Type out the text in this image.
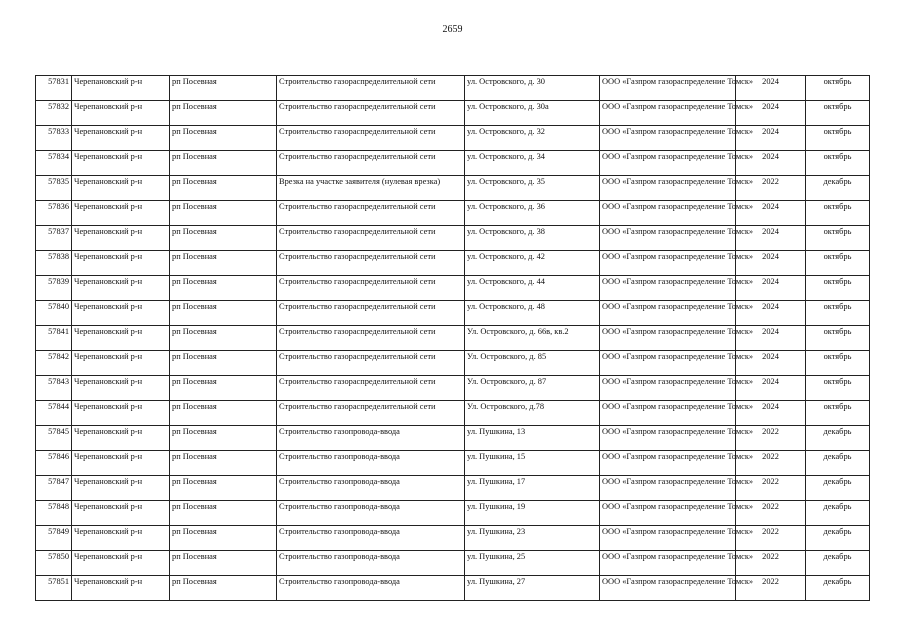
2659
57831	Черепановский р-н	рп Посевная	Строительство газораспределительной сети	ул. Островского, д. 30	ООО «Газпром газораспределение Томск»	2024	октябрь
57832	Черепановский р-н	рп Посевная	Строительство газораспределительной сети	ул. Островского, д. 30а	ООО «Газпром газораспределение Томск»	2024	октябрь
57833	Черепановский р-н	рп Посевная	Строительство газораспределительной сети	ул. Островского, д. 32	ООО «Газпром газораспределение Томск»	2024	октябрь
57834	Черепановский р-н	рп Посевная	Строительство газораспределительной сети	ул. Островского, д. 34	ООО «Газпром газораспределение Томск»	2024	октябрь
57835	Черепановский р-н	рп Посевная	Врезка на участке заявителя (нулевая врезка)	ул. Островского, д. 35	ООО «Газпром газораспределение Томск»	2022	декабрь
57836	Черепановский р-н	рп Посевная	Строительство газораспределительной сети	ул. Островского, д. 36	ООО «Газпром газораспределение Томск»	2024	октябрь
57837	Черепановский р-н	рп Посевная	Строительство газораспределительной сети	ул. Островского, д. 38	ООО «Газпром газораспределение Томск»	2024	октябрь
57838	Черепановский р-н	рп Посевная	Строительство газораспределительной сети	ул. Островского, д. 42	ООО «Газпром газораспределение Томск»	2024	октябрь
57839	Черепановский р-н	рп Посевная	Строительство газораспределительной сети	ул. Островского, д. 44	ООО «Газпром газораспределение Томск»	2024	октябрь
57840	Черепановский р-н	рп Посевная	Строительство газораспределительной сети	ул. Островского, д. 48	ООО «Газпром газораспределение Томск»	2024	октябрь
57841	Черепановский р-н	рп Посевная	Строительство газораспределительной сети	Ул. Островского, д. 66в, кв.2	ООО «Газпром газораспределение Томск»	2024	октябрь
57842	Черепановский р-н	рп Посевная	Строительство газораспределительной сети	Ул. Островского, д. 85	ООО «Газпром газораспределение Томск»	2024	октябрь
57843	Черепановский р-н	рп Посевная	Строительство газораспределительной сети	Ул. Островского, д. 87	ООО «Газпром газораспределение Томск»	2024	октябрь
57844	Черепановский р-н	рп Посевная	Строительство газораспределительной сети	Ул. Островского, д.78	ООО «Газпром газораспределение Томск»	2024	октябрь
57845	Черепановский р-н	рп Посевная	Строительство газопровода-ввода	ул. Пушкина, 13	ООО «Газпром газораспределение Томск»	2022	декабрь
57846	Черепановский р-н	рп Посевная	Строительство газопровода-ввода	ул. Пушкина, 15	ООО «Газпром газораспределение Томск»	2022	декабрь
57847	Черепановский р-н	рп Посевная	Строительство газопровода-ввода	ул. Пушкина, 17	ООО «Газпром газораспределение Томск»	2022	декабрь
57848	Черепановский р-н	рп Посевная	Строительство газопровода-ввода	ул. Пушкина, 19	ООО «Газпром газораспределение Томск»	2022	декабрь
57849	Черепановский р-н	рп Посевная	Строительство газопровода-ввода	ул. Пушкина, 23	ООО «Газпром газораспределение Томск»	2022	декабрь
57850	Черепановский р-н	рп Посевная	Строительство газопровода-ввода	ул. Пушкина, 25	ООО «Газпром газораспределение Томск»	2022	декабрь
57851	Черепановский р-н	рп Посевная	Строительство газопровода-ввода	ул. Пушкина, 27	ООО «Газпром газораспределение Томск»	2022	декабрь
